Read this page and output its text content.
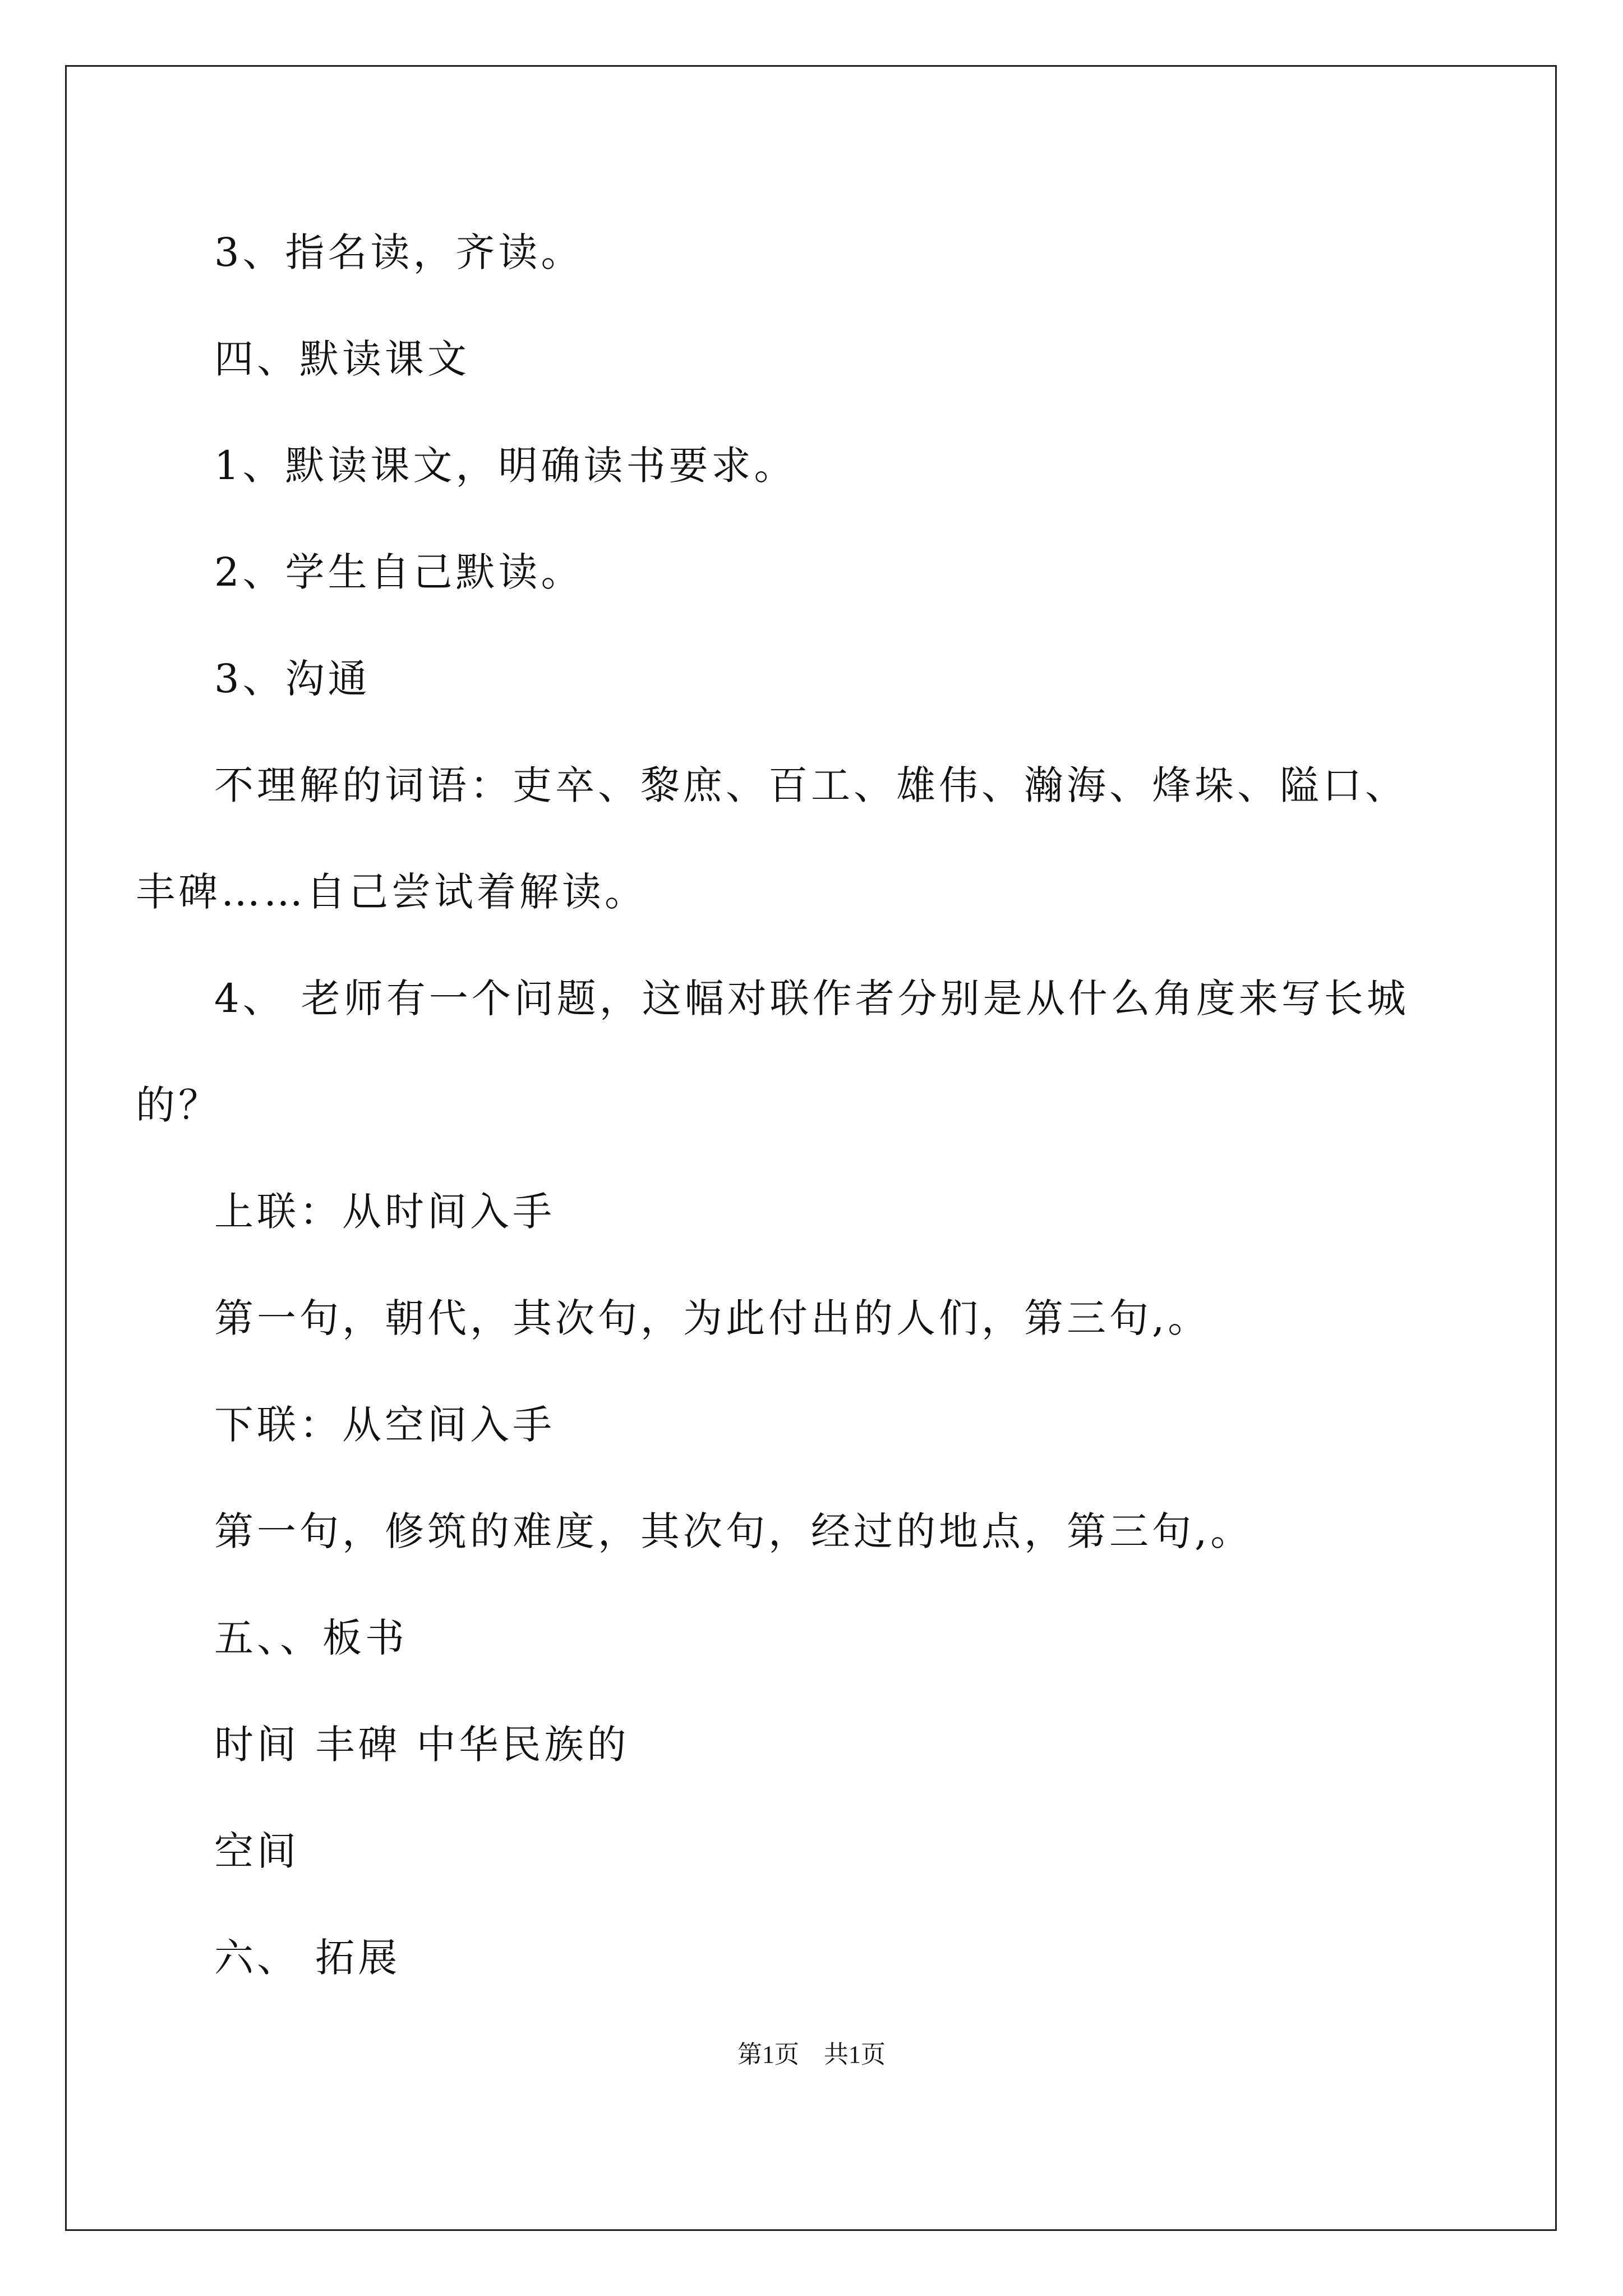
3、指名读，齐读。
四、默读课文
1、默读课文，明确读书要求。
2、学生自己默读。
3、沟通
不理解的词语：吏卒、黎庶、百工、雄伟、瀚海、烽垛、隘口、
丰碑……自己尝试着解读。
4、 老师有一个问题，这幅对联作者分别是从什么角度来写长城
的？
上联：从时间入手
第一句，朝代，其次句，为此付出的人们，第三句,。
下联：从空间入手
第一句，修筑的难度，其次句，经过的地点，第三句,。
五、、板书
时间 丰碑 中华民族的
空间
六、 拓展
第1页　共1页
